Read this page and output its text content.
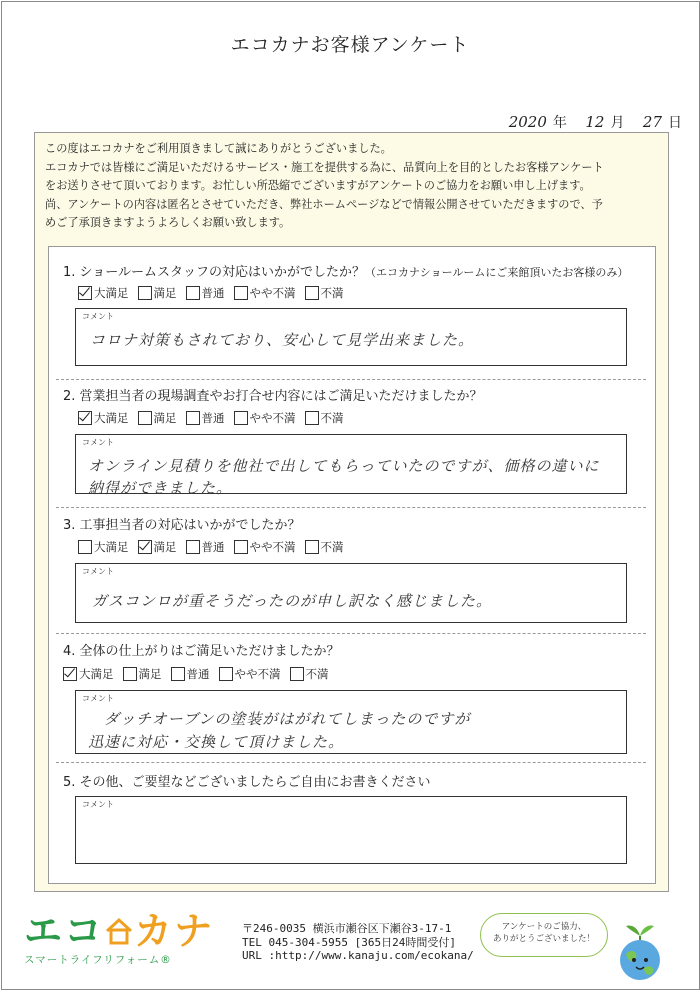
エコカナお客様アンケート
2020 年 12 月 27 日
この度はエコカナをご利用頂きまして誠にありがとうございました。
エコカナでは皆様にご満足いただけるサービス・施工を提供する為に、品質向上を目的としたお客様アンケート
をお送りさせて頂いております。お忙しい所恐縮でございますがアンケートのご協力をお願い申し上げます。
尚、アンケートの内容は匿名とさせていただき、弊社ホームページなどで情報公開させていただきますので、予
めご了承頂きますようよろしくお願い致します。
1. ショールームスタッフの対応はいかがでしたか？（エコカナショールームにご来館頂いたお客様のみ）
大満足 満足 普通 やや不満 不満
コメント
コロナ対策もされており、安心して見学出来ました。
2. 営業担当者の現場調査やお打合せ内容にはご満足いただけましたか？
大満足 満足 普通 やや不満 不満
コメント
オンライン見積りを他社で出してもらっていたのですが、価格の違いに
納得ができました。
3. 工事担当者の対応はいかがでしたか？
大満足 満足 普通 やや不満 不満
コメント
ガスコンロが重そうだったのが申し訳なく感じました。
4. 全体の仕上がりはご満足いただけましたか？
大満足 満足 普通 やや不満 不満
コメント
ダッチオーブンの塗装がはがれてしまったのですが
迅速に対応・交換して頂けました。
5. その他、ご要望などございましたらご自由にお書きください
コメント
エコ カナ
スマートライフリフォーム®
〒246-0035 横浜市瀬谷区下瀬谷3-17-1
TEL 045-304-5955 [365日24時間受付]
URL :http://www.kanaju.com/ecokana/
アンケートのご協力、
ありがとうございました！
